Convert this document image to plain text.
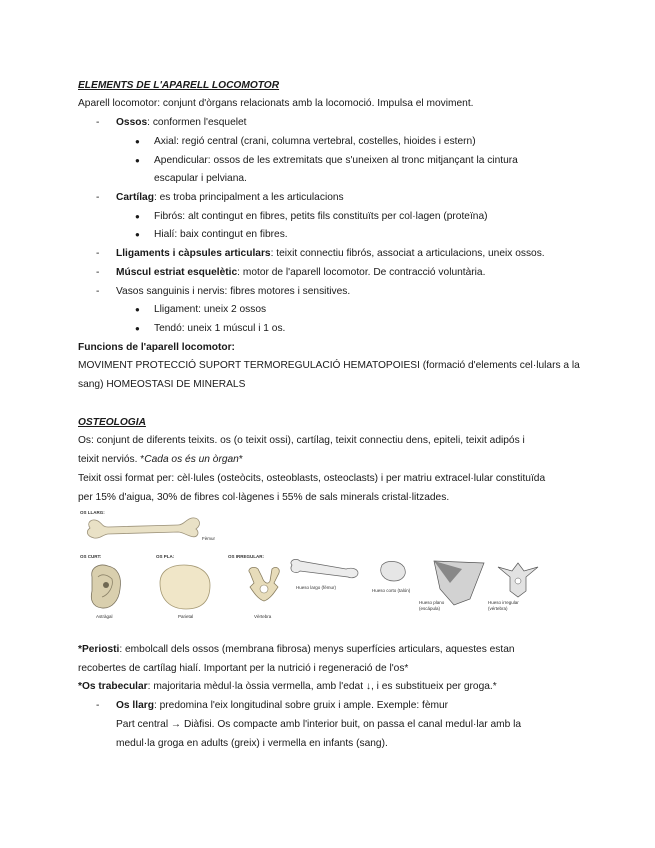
ELEMENTS DE L'APARELL LOCOMOTOR
Aparell locomotor: conjunt d'òrgans relacionats amb la locomoció. Impulsa el moviment.
- Ossos: conformen l'esquelet
● Axial: regió central (crani, columna vertebral, costelles, hioides i estern)
● Apendicular: ossos de les extremitats que s'uneixen al tronc mitjançant la cintura
escapular i pelviana.
- Cartílag: es troba principalment a les articulacions
● Fibrós: alt contingut en fibres, petits fils constituïts per col·lagen (proteïna)
● Hialí: baix contingut en fibres.
- Lligaments i càpsules articulars: teixit connectiu fibrós, associat a articulacions, uneix ossos.
- Múscul estriat esquelètic: motor de l'aparell locomotor. De contracció voluntària.
- Vasos sanguinis i nervis: fibres motores i sensitives.
● Lligament: uneix 2 ossos
● Tendó: uneix 1 múscul i 1 os.
Funcions de l'aparell locomotor:
MOVIMENT PROTECCIÓ SUPORT TERMOREGULACIÓ HEMATOPOIESI (formació d'elements cel·lulars a la
sang) HOMEOSTASI DE MINERALS
OSTEOLOGIA
Os: conjunt de diferents teixits. os (o teixit ossi), cartílag, teixit connectiu dens, epiteli, teixit adipós i
teixit nerviós. *Cada os és un òrgan*
Teixit ossi format per: cèl·lules (osteòcits, osteoblasts, osteoclasts) i per matriu extracel·lular constituïda
per 15% d'aigua, 30% de fibres col·làgenes i 55% de sals minerals cristal·litzades.
OS LLARG:
Fèmur
OS CURT:	OS PLA:	OS IRREGULAR:
Astràgal	Parietal	Vèrtebra
Hueso largo (fémur)
Hueso corto (talón)
Hueso plano
(escápula)
Hueso irregular
(vértebra)
*Periosti: embolcall dels ossos (membrana fibrosa) menys superfícies articulars, aquestes estan
recobertes de cartílag hialí. Important per la nutrició i regeneració de l'os*
*Os trabecular: majoritaria mèdul·la òssia vermella, amb l'edat ↓, i es substitueix per groga.*
- Os llarg: predomina l'eix longitudinal sobre gruix i ample. Exemple: fèmur
Part central → Diàfisi. Os compacte amb l'interior buit, on passa el canal medul·lar amb la
medul·la groga en adults (greix) i vermella en infants (sang).
